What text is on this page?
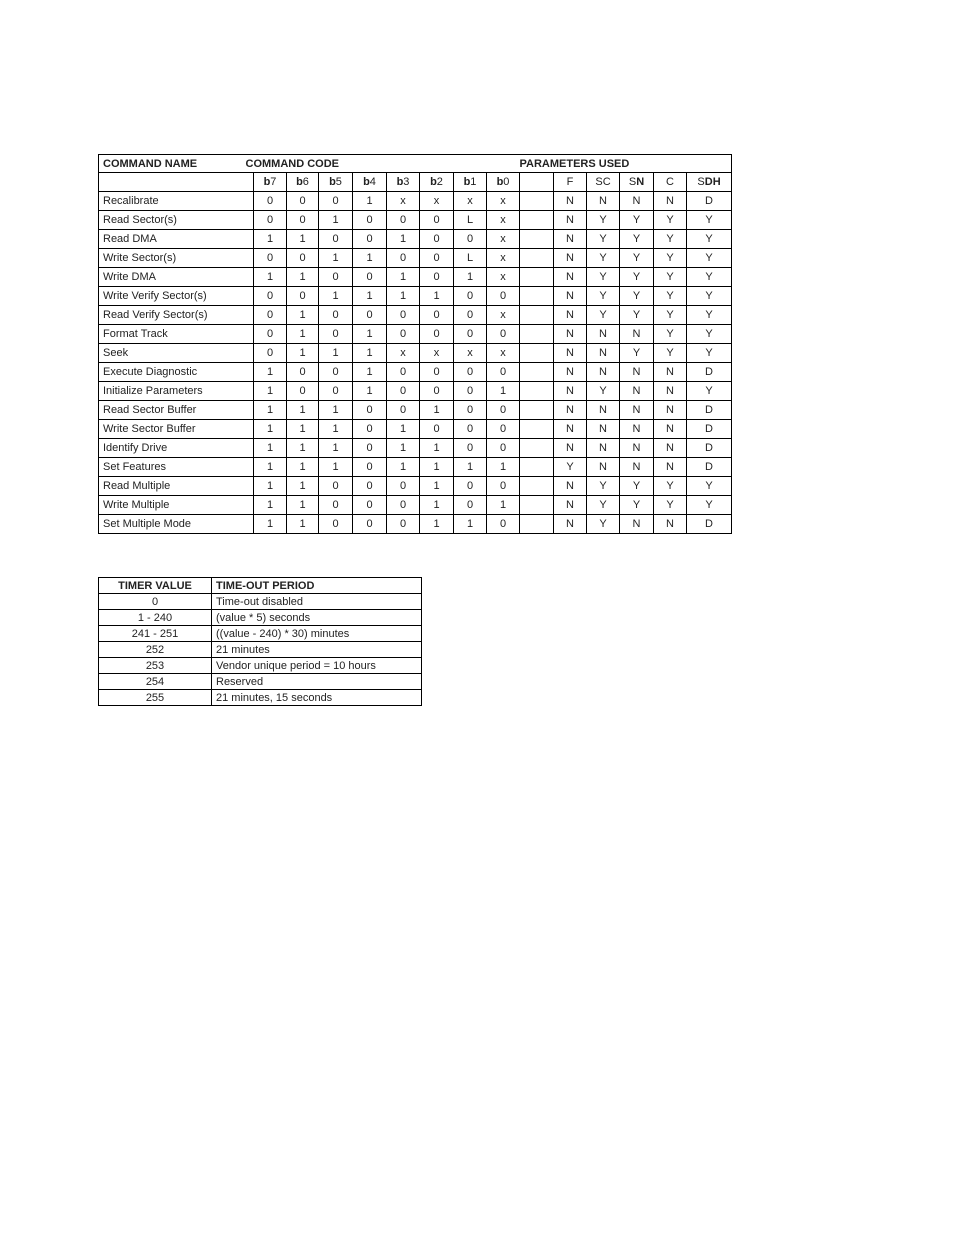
COMMAND NAME	COMMAND CODE									PARAMETERS USED				
	b7	b6	b5	b4	b3	b2	b1	b0		F	SC	SN	C	SDH
Recalibrate	0	0	0	1	x	x	x	x		N	N	N	N	D
Read Sector(s)	0	0	1	0	0	0	L	x		N	Y	Y	Y	Y
Read DMA	1	1	0	0	1	0	0	x		N	Y	Y	Y	Y
Write Sector(s)	0	0	1	1	0	0	L	x		N	Y	Y	Y	Y
Write DMA	1	1	0	0	1	0	1	x		N	Y	Y	Y	Y
Write Verify Sector(s)	0	0	1	1	1	1	0	0		N	Y	Y	Y	Y
Read Verify Sector(s)	0	1	0	0	0	0	0	x		N	Y	Y	Y	Y
Format Track	0	1	0	1	0	0	0	0		N	N	N	Y	Y
Seek	0	1	1	1	x	x	x	x		N	N	Y	Y	Y
Execute Diagnostic	1	0	0	1	0	0	0	0		N	N	N	N	D
Initialize Parameters	1	0	0	1	0	0	0	1		N	Y	N	N	Y
Read Sector Buffer	1	1	1	0	0	1	0	0		N	N	N	N	D
Write Sector Buffer	1	1	1	0	1	0	0	0		N	N	N	N	D
Identify Drive	1	1	1	0	1	1	0	0		N	N	N	N	D
Set Features	1	1	1	0	1	1	1	1		Y	N	N	N	D
Read Multiple	1	1	0	0	0	1	0	0		N	Y	Y	Y	Y
Write Multiple	1	1	0	0	0	1	0	1		N	Y	Y	Y	Y
Set Multiple Mode	1	1	0	0	0	1	1	0		N	Y	N	N	D
TIMER VALUE	TIME-OUT PERIOD
0	Time-out disabled
1 - 240	(value * 5) seconds
241 - 251	((value - 240) * 30) minutes
252	21 minutes
253	Vendor unique period = 10 hours
254	Reserved
255	21 minutes, 15 seconds
